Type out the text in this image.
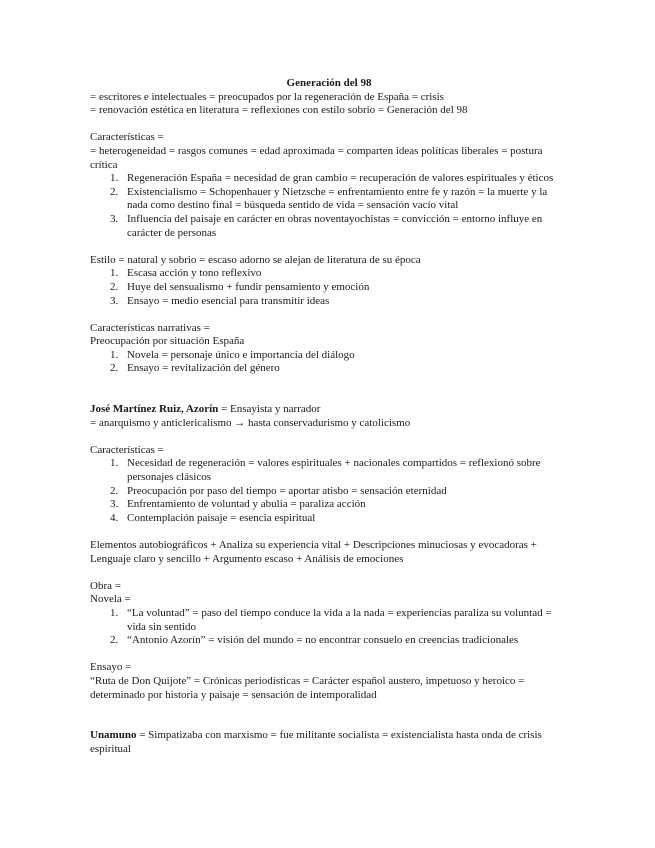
Generación del 98

= escritores e intelectuales = preocupados por la regeneración de España = crisis

= renovación estética en literatura = reflexiones con estilo sobrio = Generación del 98

Características =

= heterogeneidad = rasgos comunes = edad aproximada = comparten ideas políticas liberales = postura crítica

1. Regeneración España = necesidad de gran cambio = recuperación de valores espirituales y éticos
2. Existencialismo = Schopenhauer y Nietzsche = enfrentamiento entre fe y razón = la muerte y la nada como destino final = búsqueda sentido de vida = sensación vacío vital
3. Influencia del paisaje en carácter en obras noventayochistas = convicción = entorno influye en carácter de personas

Estilo = natural y sobrio = escaso adorno se alejan de literatura de su época

1. Escasa acción y tono reflexivo
2. Huye del sensualismo + fundir pensamiento y emoción
3. Ensayo = medio esencial para transmitir ideas

Características narrativas =

Preocupación por situación España

1. Novela = personaje único e importancia del diálogo
2. Ensayo = revitalización del género

José Martínez Ruiz, Azorín = Ensayista y narrador

= anarquismo y anticlericalismo → hasta conservadurismo y catolicismo

Características =

1. Necesidad de regeneración = valores espirituales + nacionales compartidos = reflexionó sobre personajes clásicos
2. Preocupación por paso del tiempo = aportar atisbo = sensación eternidad
3. Enfrentamiento de voluntad y abulia = paraliza acción
4. Contemplación paisaje = esencia espiritual

Elementos autobiográficos + Analiza su experiencia vital + Descripciones minuciosas y evocadoras + Lenguaje claro y sencillo + Argumento escaso + Análisis de emociones

Obra =

Novela =

1. “La voluntad” = paso del tiempo conduce la vida a la nada = experiencias paraliza su voluntad = vida sin sentido
2. “Antonio Azorín” = visión del mundo = no encontrar consuelo en creencias tradicionales

Ensayo =

“Ruta de Don Quijote” = Crónicas periodísticas = Carácter español austero, impetuoso y heroico = determinado por historia y paisaje = sensación de intemporalidad

Unamuno = Simpatizaba con marxismo = fue militante socialista = existencialista hasta onda de crisis espiritual
